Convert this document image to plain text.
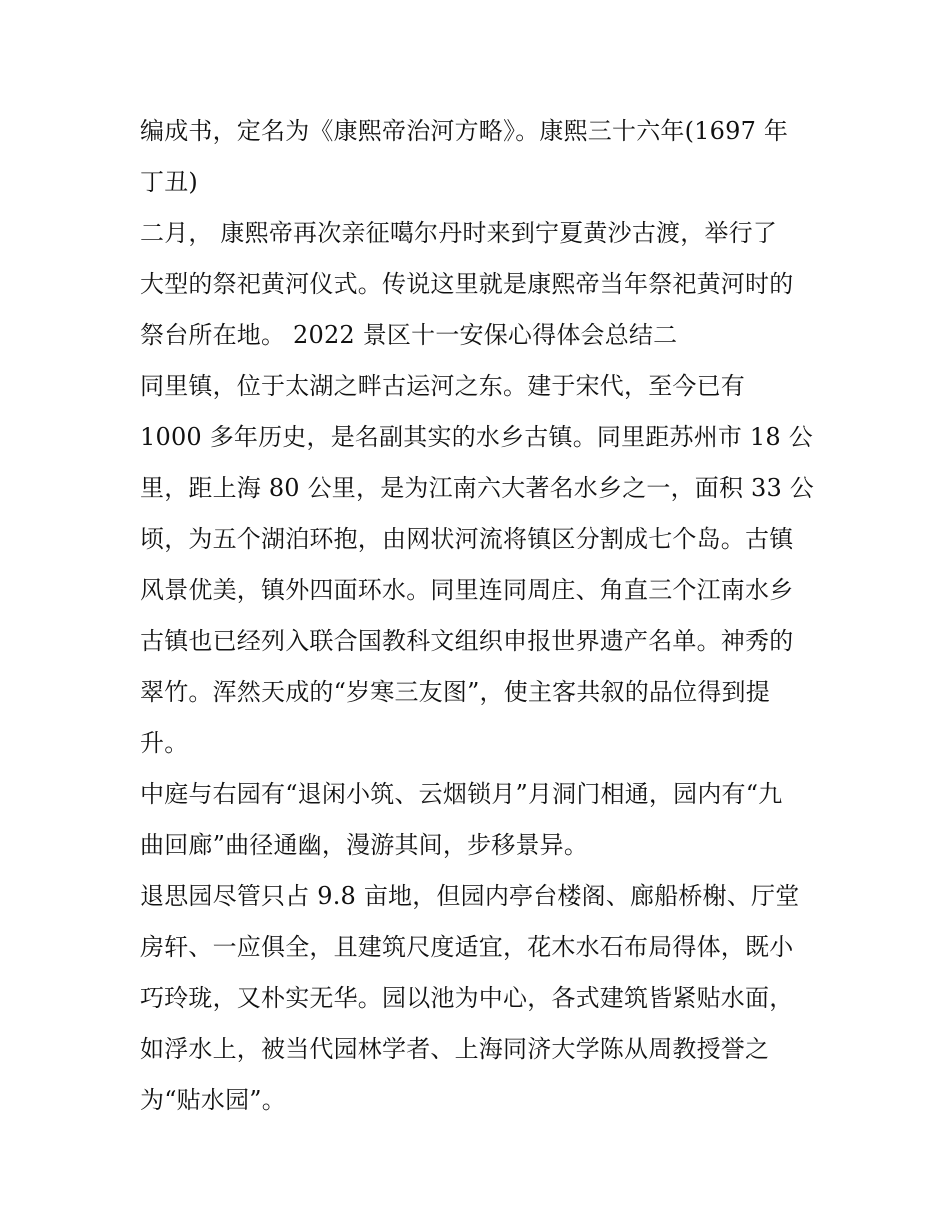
编成书，定名为《康熙帝治河方略》。康熙三十六年(1697 年
丁丑)
二月， 康熙帝再次亲征噶尔丹时来到宁夏黄沙古渡，举行了
大型的祭祀黄河仪式。传说这里就是康熙帝当年祭祀黄河时的
祭台所在地。 2022 景区十一安保心得体会总结二
同里镇，位于太湖之畔古运河之东。建于宋代，至今已有
1000 多年历史，是名副其实的水乡古镇。同里距苏州市 18 公
里，距上海 80 公里，是为江南六大著名水乡之一，面积 33 公
顷，为五个湖泊环抱，由网状河流将镇区分割成七个岛。古镇
风景优美，镇外四面环水。同里连同周庄、角直三个江南水乡
古镇也已经列入联合国教科文组织申报世界遗产名单。神秀的
翠竹。浑然天成的“岁寒三友图”，使主客共叙的品位得到提
升。
中庭与右园有“退闲小筑、云烟锁月”月洞门相通，园内有“九
曲回廊”曲径通幽，漫游其间，步移景异。
退思园尽管只占 9.8 亩地，但园内亭台楼阁、廊船桥榭、厅堂
房轩、一应俱全，且建筑尺度适宜，花木水石布局得体，既小
巧玲珑，又朴实无华。园以池为中心，各式建筑皆紧贴水面，
如浮水上，被当代园林学者、上海同济大学陈从周教授誉之
为“贴水园”。
